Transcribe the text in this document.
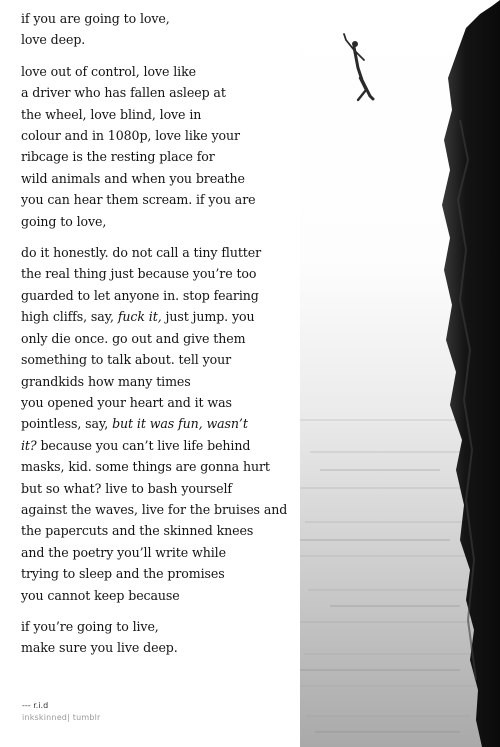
if you are going to love,
love deep.
love out of control, love like
a driver who has fallen asleep at
the wheel, love blind, love in
colour and in 1080p, love like your
ribcage is the resting place for
wild animals and when you breathe
you can hear them scream. if you are
going to love,
do it honestly. do not call a tiny flutter
the real thing just because you’re too
guarded to let anyone in. stop fearing
high cliffs, say, fuck it, just jump. you
only die once. go out and give them
something to talk about. tell your
grandkids how many times
you opened your heart and it was
pointless, say, but it was fun, wasn’t
it? because you can’t live life behind
masks, kid. some things are gonna hurt
but so what? live to bash yourself
against the waves, live for the bruises and
the papercuts and the skinned knees
and the poetry you’ll write while
trying to sleep and the promises
you cannot keep because
if you’re going to live,
make sure you live deep.
--- r.i.d
inkskinned| tumblr
